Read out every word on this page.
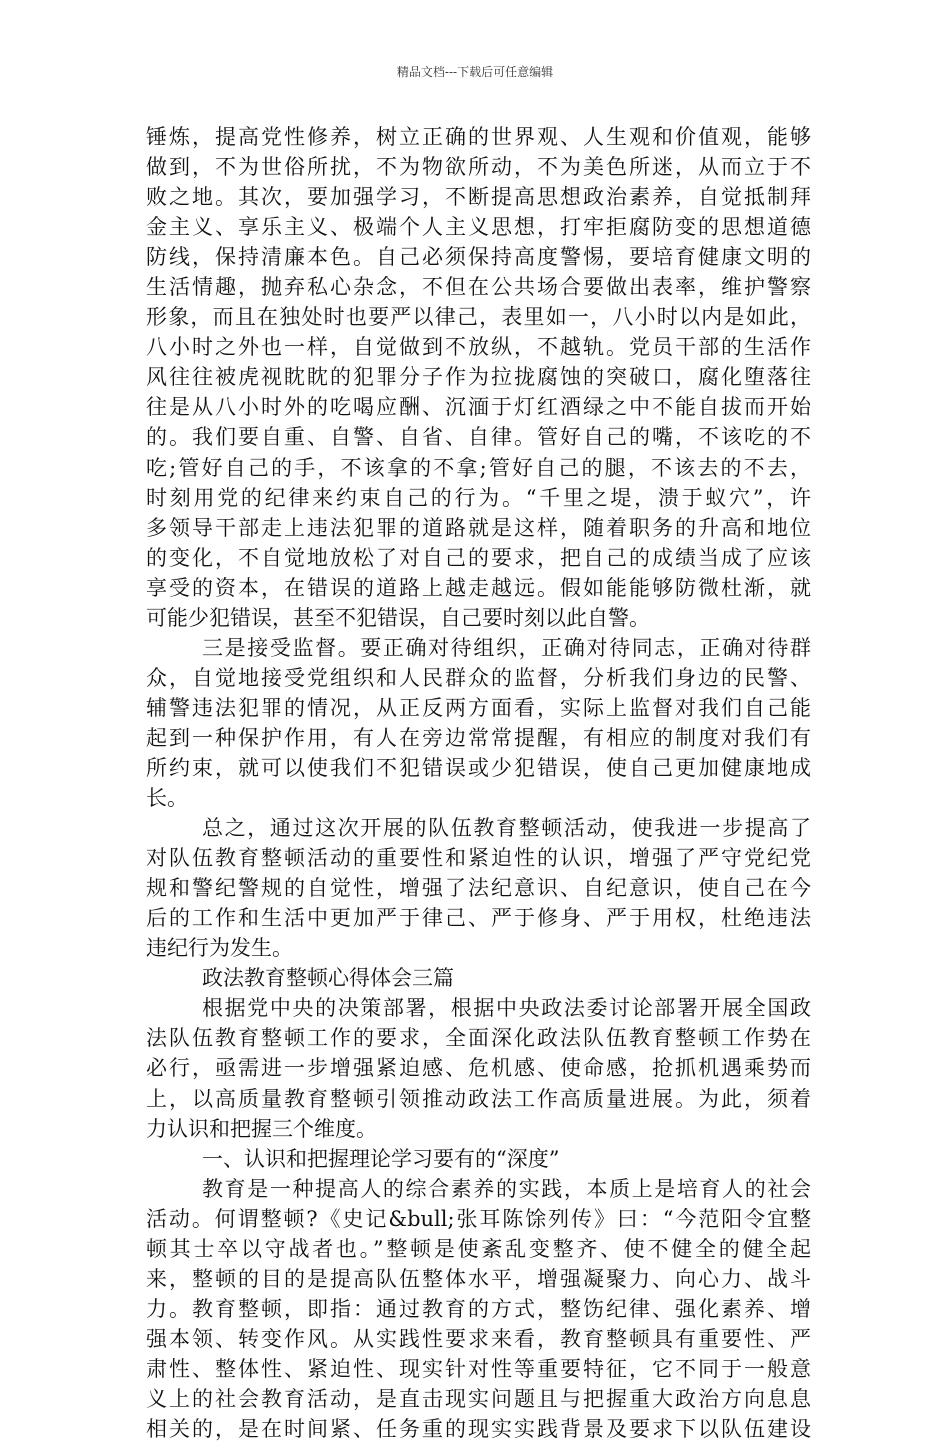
精品文档---下载后可任意编辑
锤炼，提高党性修养，树立正确的世界观、人生观和价值观，能够
做到，不为世俗所扰，不为物欲所动，不为美色所迷，从而立于不
败之地。其次，要加强学习，不断提高思想政治素养，自觉抵制拜
金主义、享乐主义、极端个人主义思想，打牢拒腐防变的思想道德
防线，保持清廉本色。自己必须保持高度警惕，要培育健康文明的
生活情趣，抛弃私心杂念，不但在公共场合要做出表率，维护警察
形象，而且在独处时也要严以律己，表里如一，八小时以内是如此，
八小时之外也一样，自觉做到不放纵，不越轨。党员干部的生活作
风往往被虎视眈眈的犯罪分子作为拉拢腐蚀的突破口，腐化堕落往
往是从八小时外的吃喝应酬、沉湎于灯红酒绿之中不能自拔而开始
的。我们要自重、自警、自省、自律。管好自己的嘴，不该吃的不
吃;管好自己的手，不该拿的不拿;管好自己的腿，不该去的不去，
时刻用党的纪律来约束自己的行为。“千里之堤，溃于蚁穴”，许
多领导干部走上违法犯罪的道路就是这样，随着职务的升高和地位
的变化，不自觉地放松了对自己的要求，把自己的成绩当成了应该
享受的资本，在错误的道路上越走越远。假如能能够防微杜渐，就
可能少犯错误，甚至不犯错误，自己要时刻以此自警。
三是接受监督。要正确对待组织，正确对待同志，正确对待群
众，自觉地接受党组织和人民群众的监督，分析我们身边的民警、
辅警违法犯罪的情况，从正反两方面看，实际上监督对我们自己能
起到一种保护作用，有人在旁边常常提醒，有相应的制度对我们有
所约束，就可以使我们不犯错误或少犯错误，使自己更加健康地成
长。
总之，通过这次开展的队伍教育整顿活动，使我进一步提高了
对队伍教育整顿活动的重要性和紧迫性的认识，增强了严守党纪党
规和警纪警规的自觉性，增强了法纪意识、自纪意识，使自己在今
后的工作和生活中更加严于律己、严于修身、严于用权，杜绝违法
违纪行为发生。
政法教育整顿心得体会三篇
根据党中央的决策部署，根据中央政法委讨论部署开展全国政
法队伍教育整顿工作的要求，全面深化政法队伍教育整顿工作势在
必行，亟需进一步增强紧迫感、危机感、使命感，抢抓机遇乘势而
上，以高质量教育整顿引领推动政法工作高质量进展。为此，须着
力认识和把握三个维度。
一、认识和把握理论学习要有的“深度”
教育是一种提高人的综合素养的实践，本质上是培育人的社会
活动。何谓整顿?《史记&bull;张耳陈馀列传》曰：“今范阳令宜整
顿其士卒以守战者也。”整顿是使紊乱变整齐、使不健全的健全起
来，整顿的目的是提高队伍整体水平，增强凝聚力、向心力、战斗
力。教育整顿，即指：通过教育的方式，整饬纪律、强化素养、增
强本领、转变作风。从实践性要求来看，教育整顿具有重要性、严
肃性、整体性、紧迫性、现实针对性等重要特征，它不同于一般意
义上的社会教育活动，是直击现实问题且与把握重大政治方向息息
相关的，是在时间紧、任务重的现实实践背景及要求下以队伍建设
